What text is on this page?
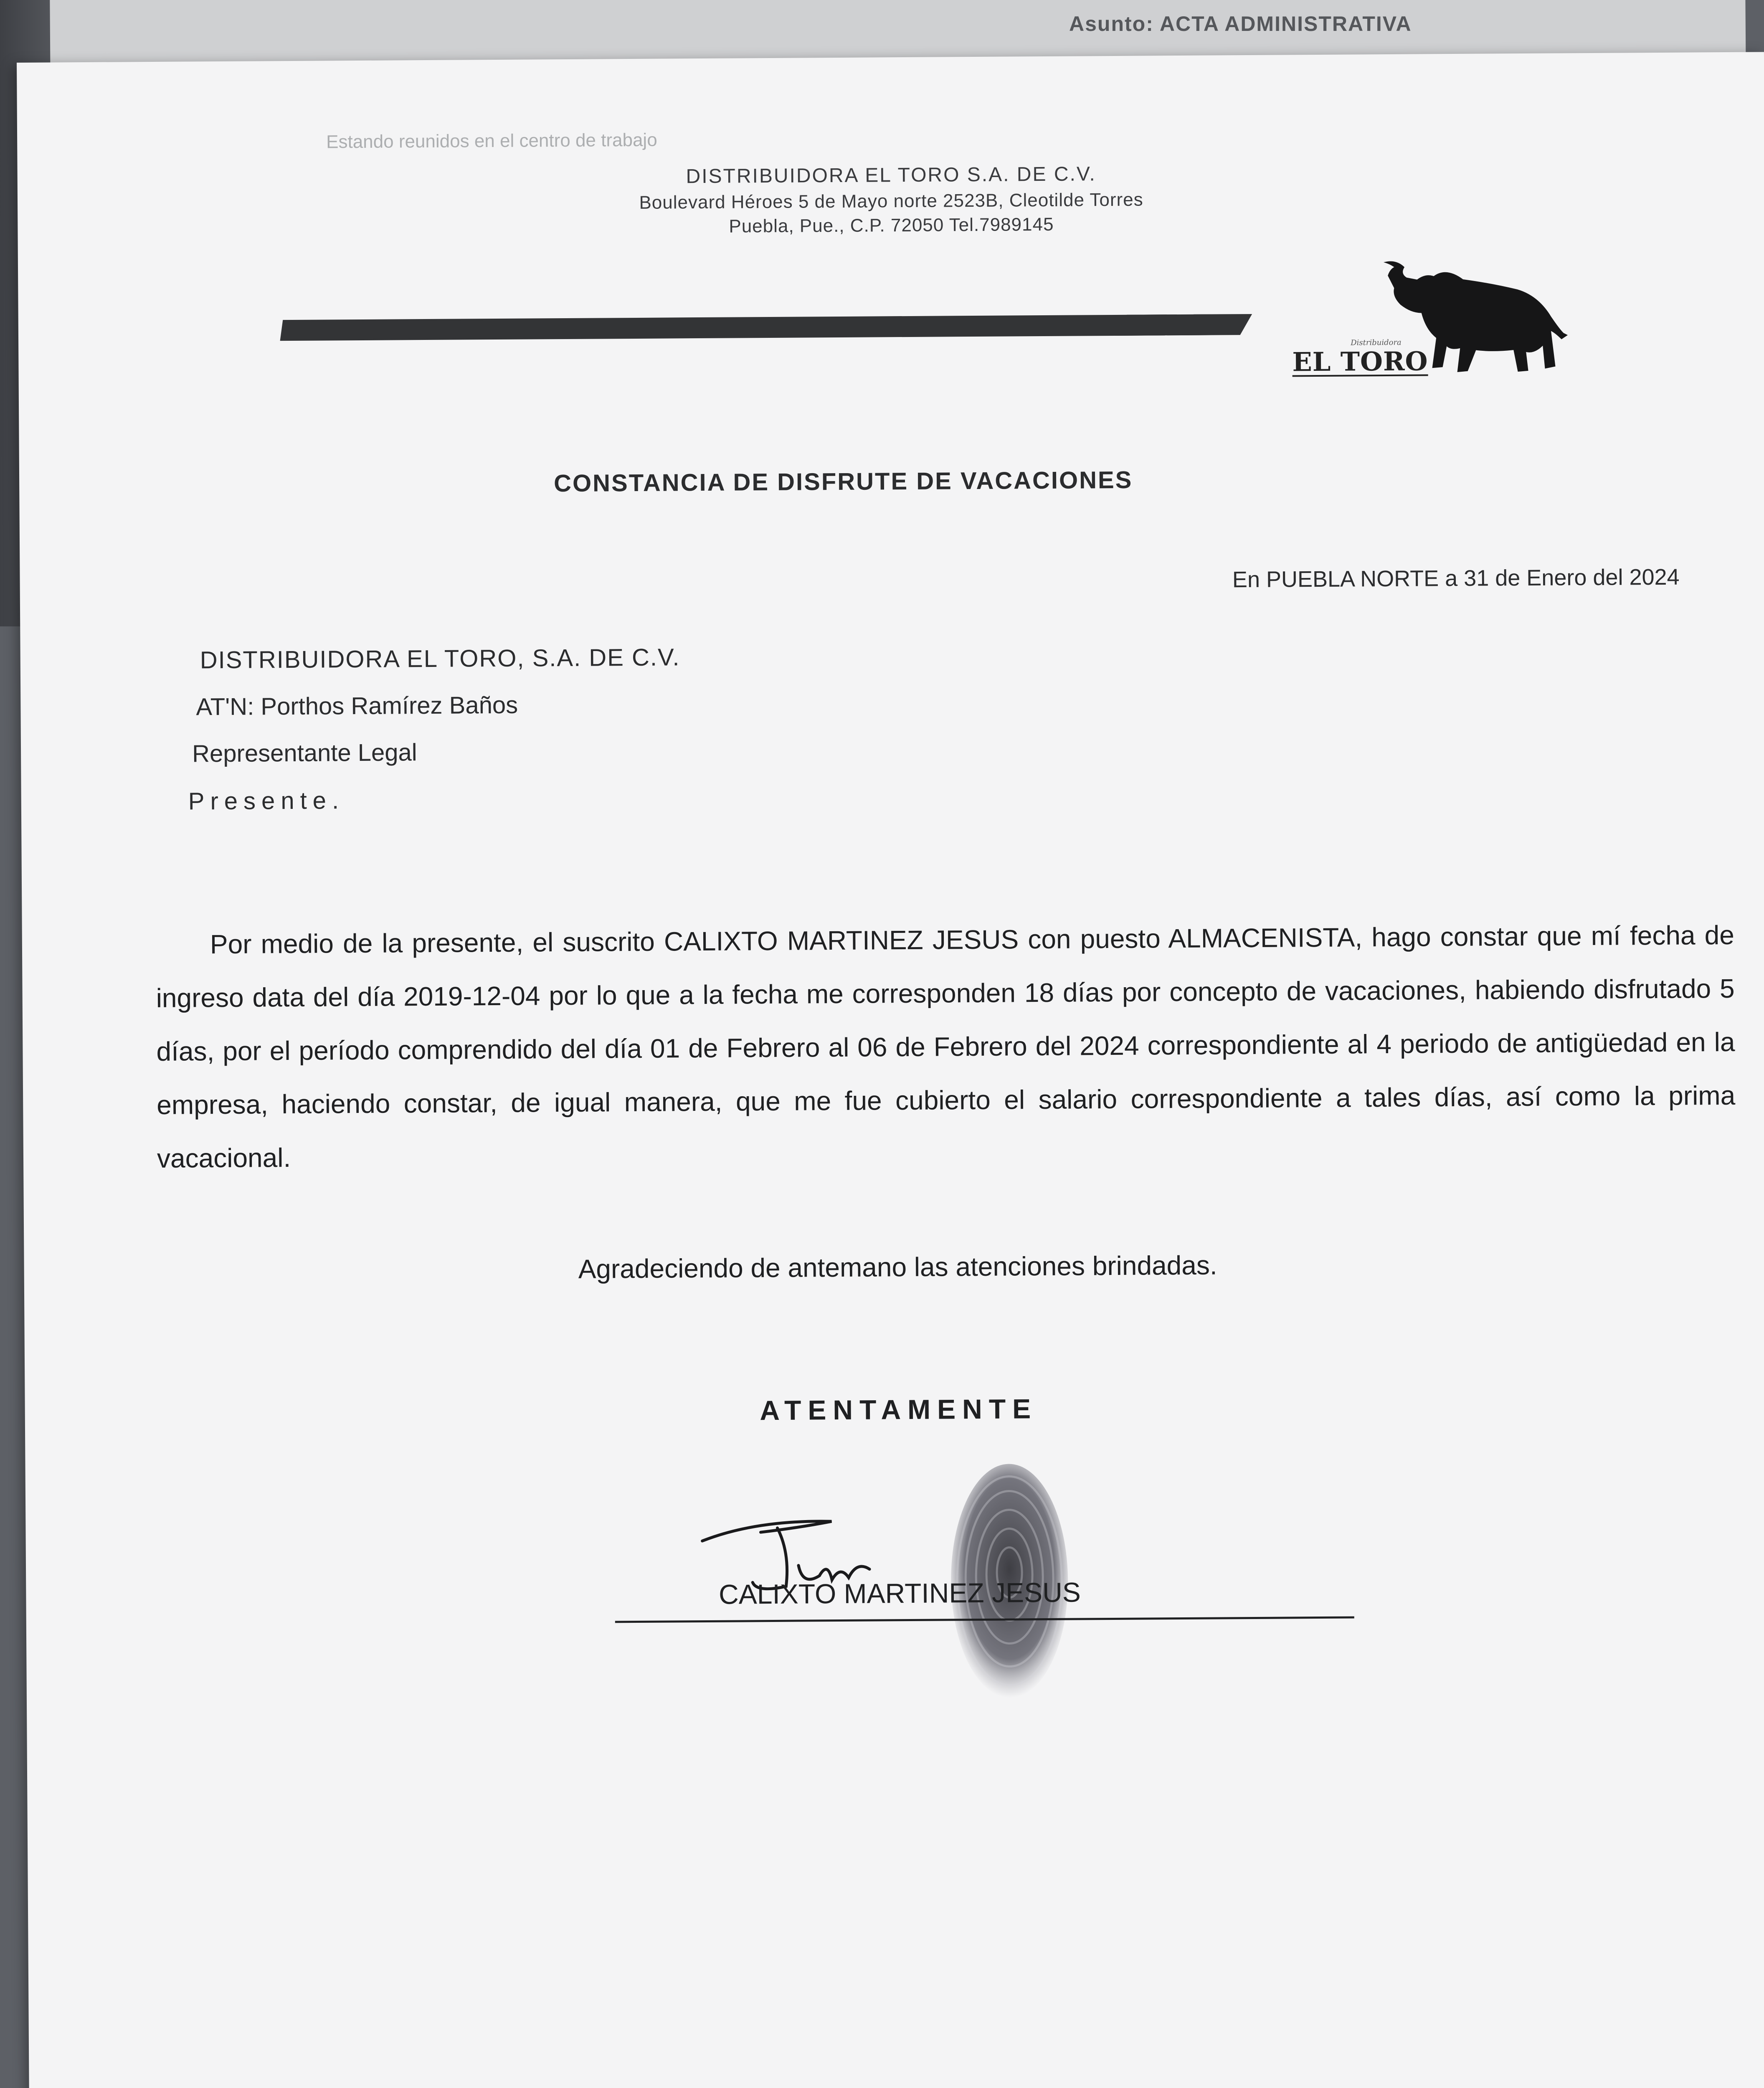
Asunto: ACTA ADMINISTRATIVA
Estando reunidos en el centro de trabajo
DISTRIBUIDORA EL TORO S.A. DE C.V.
Boulevard Héroes 5 de Mayo norte 2523B, Cleotilde Torres
Puebla, Pue., C.P. 72050 Tel.7989145
Distribuidora
EL TORO
CONSTANCIA DE DISFRUTE DE VACACIONES
En PUEBLA NORTE a 31 de Enero del 2024
DISTRIBUIDORA EL TORO, S.A. DE C.V.
AT'N: Porthos Ramírez Baños
Representante Legal
Presente.
Por medio de la presente, el suscrito CALIXTO MARTINEZ JESUS con puesto ALMACENISTA, hago constar que mí fecha de ingreso data del día 2019-12-04 por lo que a la fecha me corresponden 18 días por concepto de vacaciones, habiendo disfrutado 5 días, por el período comprendido del día 01 de Febrero al 06 de Febrero del 2024 correspondiente al 4 periodo de antigüedad en la empresa, haciendo constar, de igual manera, que me fue cubierto el salario correspondiente a tales días, así como la prima vacacional.
Agradeciendo de antemano las atenciones brindadas.
ATENTAMENTE
CALIXTO MARTINEZ JESUS
